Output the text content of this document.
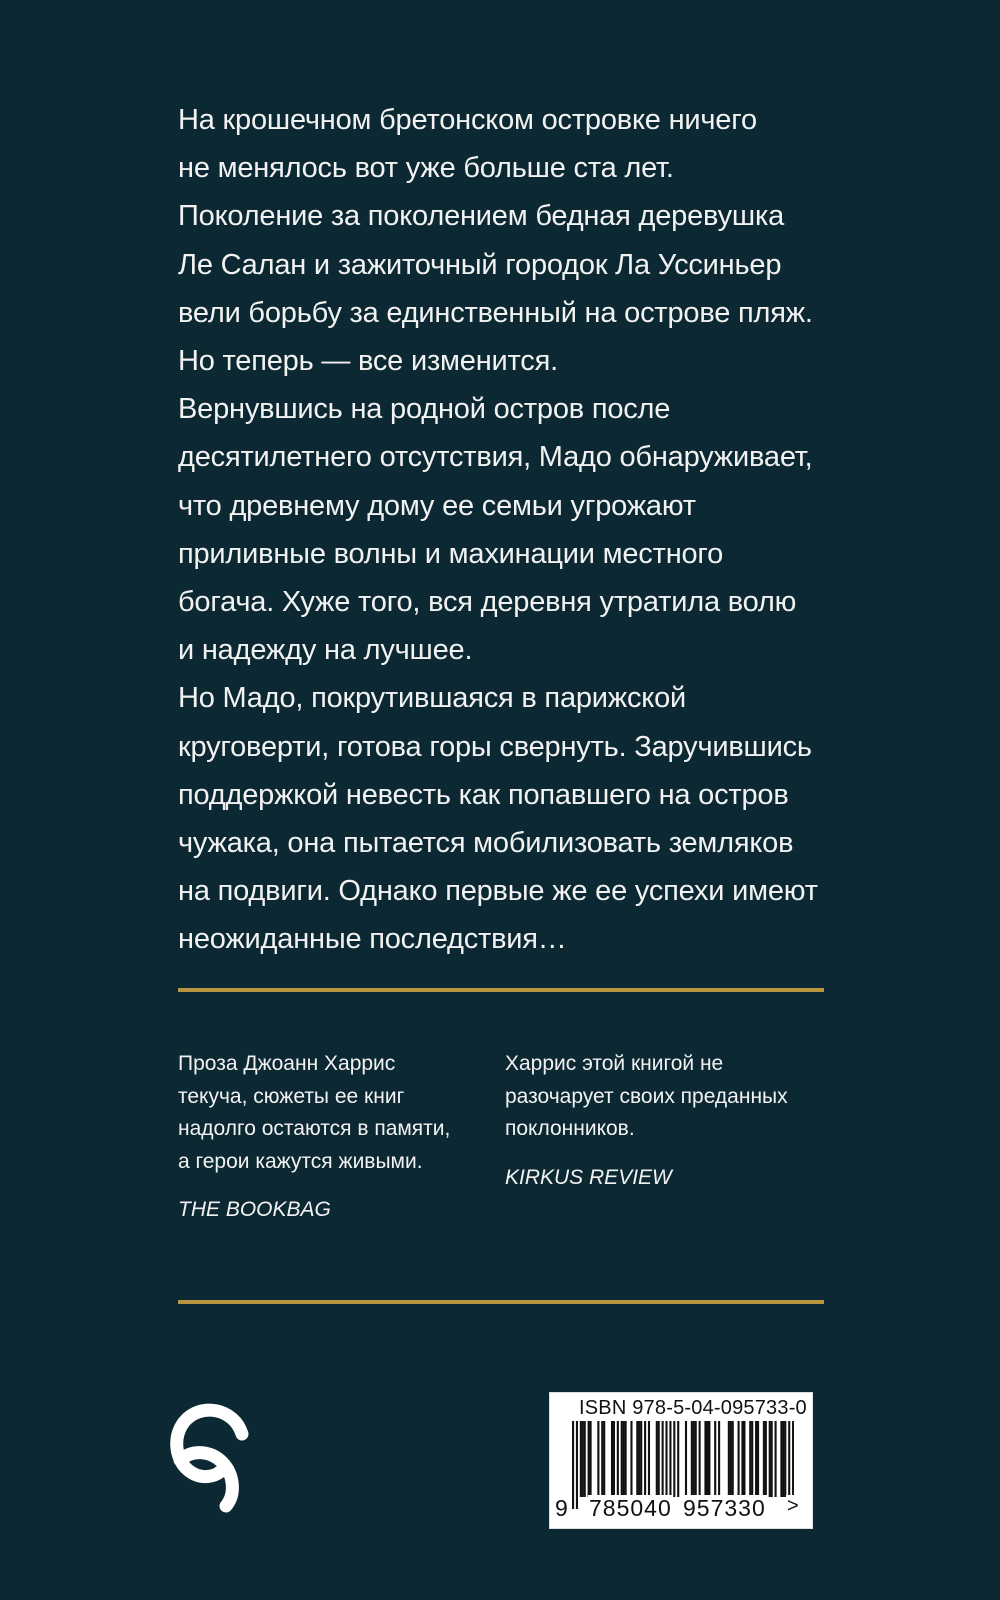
На крошечном бретонском островке ничего
не менялось вот уже больше ста лет.
Поколение за поколением бедная деревушка
Ле Салан и зажиточный городок Ла Уссиньер
вели борьбу за единственный на острове пляж.
Но теперь — все изменится.
Вернувшись на родной остров после
десятилетнего отсутствия, Мадо обнаруживает,
что древнему дому ее семьи угрожают
приливные волны и махинации местного
богача. Хуже того, вся деревня утратила волю
и надежду на лучшее.
Но Мадо, покрутившаяся в парижской
круговерти, готова горы свернуть. Заручившись
поддержкой невесть как попавшего на остров
чужака, она пытается мобилизовать земляков
на подвиги. Однако первые же ее успехи имеют
неожиданные последствия…
Проза Джоанн Харрис
текуча, сюжеты ее книг
надолго остаются в памяти,
а герои кажутся живыми.
THE BOOKBAG
Харрис этой книгой не
разочарует своих преданных
поклонников.
KIRKUS REVIEW
ISBN 978-5-04-095733-0
9 785040 957330 >
